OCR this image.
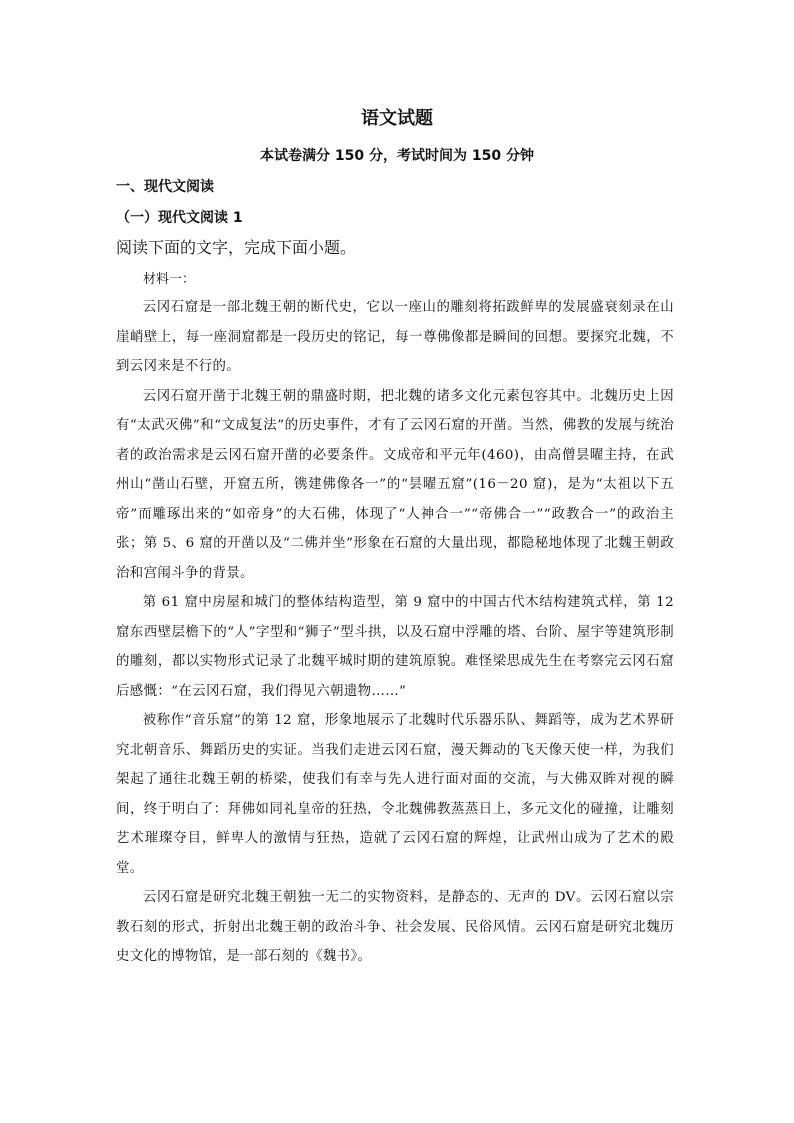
语文试题
本试卷满分 150 分，考试时间为 150 分钟
一、现代文阅读
（一）现代文阅读 1
阅读下面的文字，完成下面小题。
材料一：

云冈石窟是一部北魏王朝的断代史，它以一座山的雕刻将拓跋鲜卑的发展盛衰刻录在山崖峭壁上，每一座洞窟都是一段历史的铭记，每一尊佛像都是瞬间的回想。要探究北魏，不到云冈来是不行的。

云冈石窟开凿于北魏王朝的鼎盛时期，把北魏的诸多文化元素包容其中。北魏历史上因有“太武灭佛”和“文成复法”的历史事件，才有了云冈石窟的开凿。当然，佛教的发展与统治者的政治需求是云冈石窟开凿的必要条件。文成帝和平元年(460)，由高僧昙曜主持，在武州山“凿山石壁，开窟五所，镌建佛像各一”的“昙曜五窟”(16－20 窟)，是为“太祖以下五帝”而雕琢出来的“如帝身”的大石佛，体现了“人神合一”“帝佛合一”“政教合一”的政治主张；第 5、6 窟的开凿以及“二佛并坐”形象在石窟的大量出现，都隐秘地体现了北魏王朝政治和宫闱斗争的背景。

第 61 窟中房屋和城门的整体结构造型，第 9 窟中的中国古代木结构建筑式样，第 12 窟东西壁层檐下的“人”字型和“狮子”型斗拱，以及石窟中浮雕的塔、台阶、屋宇等建筑形制的雕刻，都以实物形式记录了北魏平城时期的建筑原貌。难怪梁思成先生在考察完云冈石窟后感慨：“在云冈石窟，我们得见六朝遗物……”

被称作“音乐窟”的第 12 窟，形象地展示了北魏时代乐器乐队、舞蹈等，成为艺术界研究北朝音乐、舞蹈历史的实证。当我们走进云冈石窟，漫天舞动的飞天像天使一样，为我们架起了通往北魏王朝的桥梁，使我们有幸与先人进行面对面的交流，与大佛双眸对视的瞬间，终于明白了：拜佛如同礼皇帝的狂热，令北魏佛教蒸蒸日上，多元文化的碰撞，让雕刻艺术璀璨夺目，鲜卑人的激情与狂热，造就了云冈石窟的辉煌，让武州山成为了艺术的殿堂。

云冈石窟是研究北魏王朝独一无二的实物资料，是静态的、无声的 DV。云冈石窟以宗教石刻的形式，折射出北魏王朝的政治斗争、社会发展、民俗风情。云冈石窟是研究北魏历史文化的博物馆，是一部石刻的《魏书》。
